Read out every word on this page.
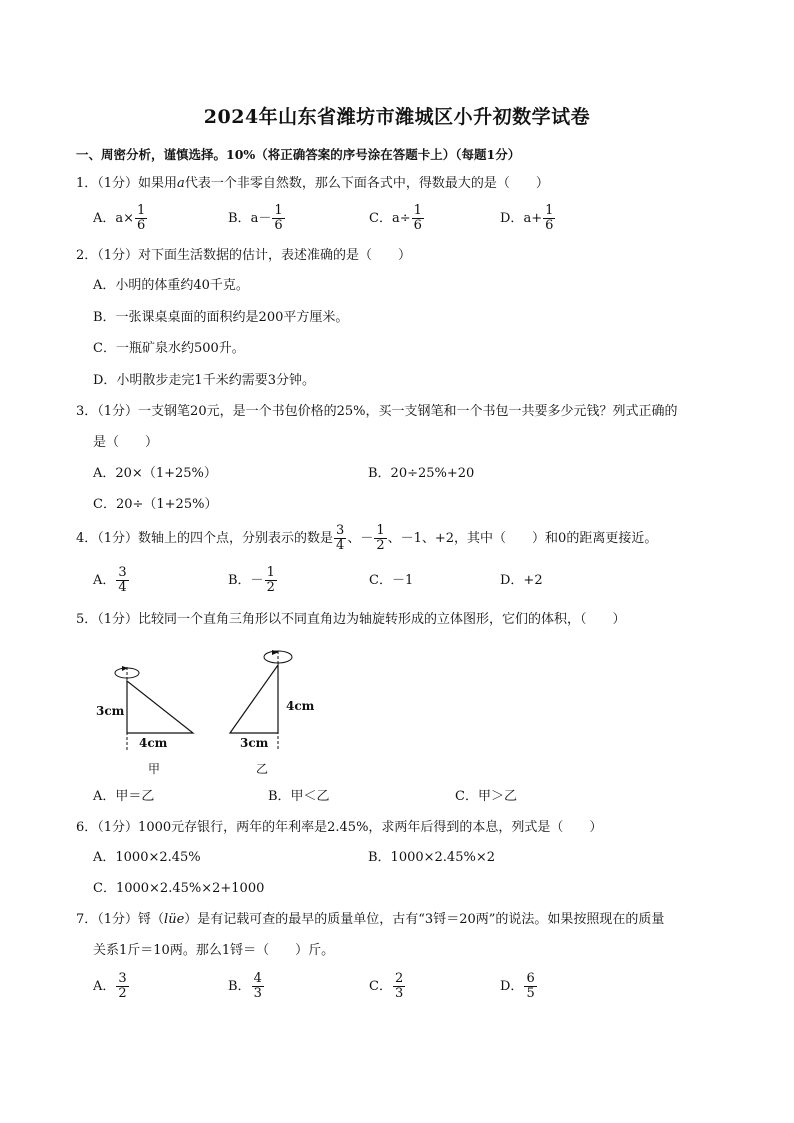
2024年山东省潍坊市潍城区小升初数学试卷
一、周密分析，谨慎选择。10%（将正确答案的序号涂在答题卡上）（每题1分）
1．（1分）如果用a代表一个非零自然数，那么下面各式中，得数最大的是（　　）
A．$a\times \frac{1}{6}$	B．$a- \frac{1}{6}$	C．$a\div \frac{1}{6}$	D．$a+ \frac{1}{6}$
2．（1分）对下面生活数据的估计，表述准确的是（　　）
A．小明的体重约40千克。
B．一张课桌桌面的面积约是200平方厘米。
C．一瓶矿泉水约500升。
D．小明散步走完1千米约需要3分钟。
3．（1分）一支钢笔20元，是一个书包价格的25%，买一支钢笔和一个书包一共要多少元钱？列式正确的
是（　　）
A．20×（1+25%）	B．20÷25%+20
C．20÷（1+25%）
4．（1分）数轴上的四个点，分别表示的数是 $\frac{3}{4}$ 、－ $\frac{1}{2}$ 、－1、+2，其中（　　）和0的距离更接近。
A． $\frac{3}{4}$	B．－ $\frac{1}{2}$	C．－1	D．+2
5．（1分）比较同一个直角三角形以不同直角边为轴旋转形成的立体图形，它们的体积，（　　）
3cm
4cm
甲
4cm
3cm
乙
A．甲＝乙	B．甲＜乙	C．甲＞乙
6．（1分）1000元存银行，两年的年利率是2.45%，求两年后得到的本息，列式是（　　）
A．1000×2.45%	B．1000×2.45%×2
C．1000×2.45%×2+1000
7．（1分）锊（lüe）是有记载可查的最早的质量单位，古有“3锊＝20两”的说法。如果按照现在的质量
关系1斤＝10两。那么1锊＝（　　）斤。
A． $\frac{3}{2}$	B． $\frac{4}{3}$	C． $\frac{2}{3}$	D． $\frac{6}{5}$
